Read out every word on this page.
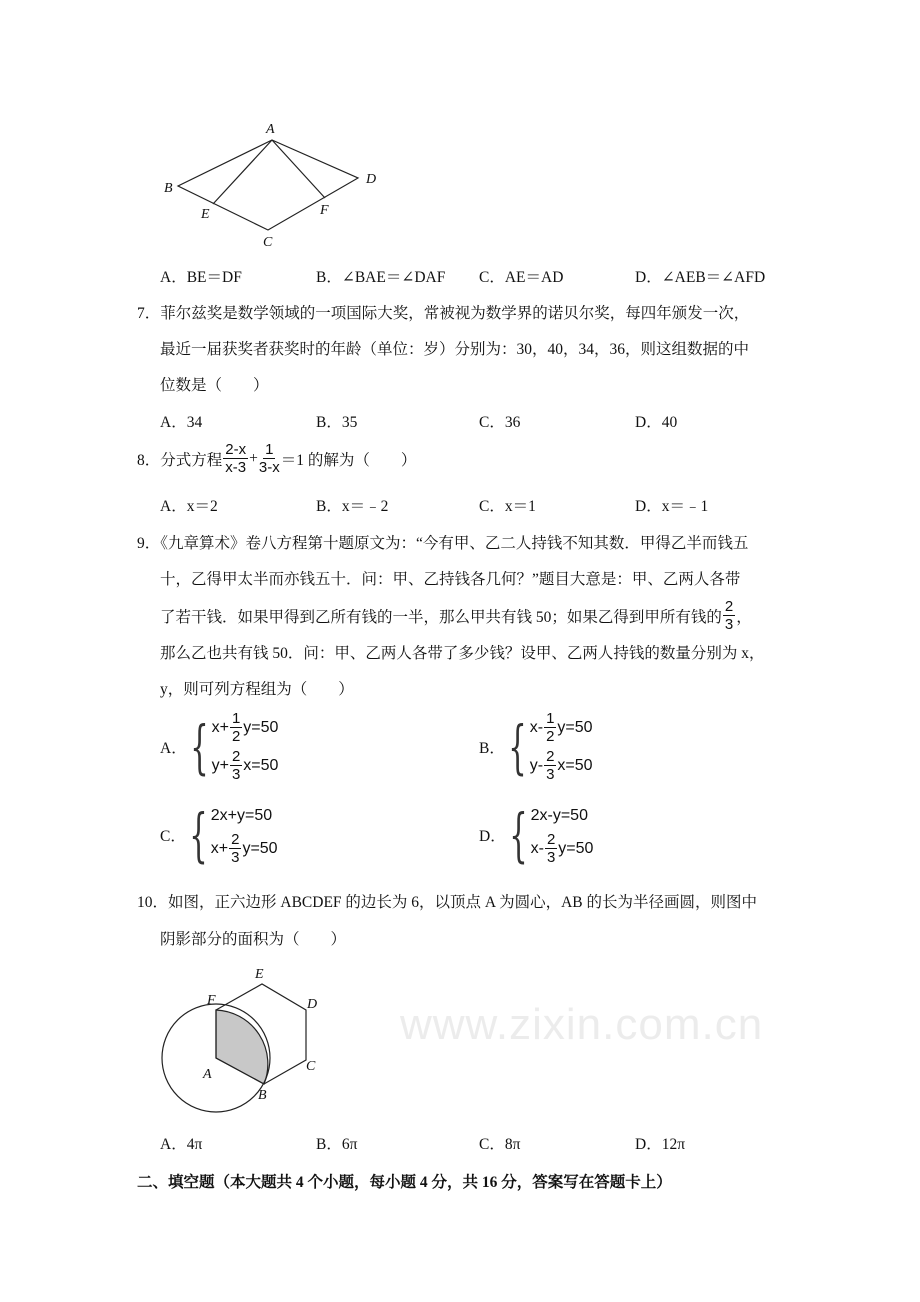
www.zixin.com.cn
A
B
C
D
E	F
A．BE＝DF	B．∠BAE＝∠DAF C．AE＝AD	D．∠AEB＝∠AFD
7．菲尔兹奖是数学领域的一项国际大奖，常被视为数学界的诺贝尔奖，每四年颁发一次，
最近一届获奖者获奖时的年龄（单位：岁）分别为：30，40，34，36，则这组数据的中
位数是（　　）
A．34	B．35	C．36	D．40
8．分式方程 $\frac{2-x}{x-3} + \frac{1}{3-x} =1$ 的解为（　　）
A．x＝2	B．x＝﹣2	C．x＝1	D．x＝﹣1
9．《九章算术》卷八方程第十题原文为：“今有甲、乙二人持钱不知其数．甲得乙半而钱五
十，乙得甲太半而亦钱五十．问：甲、乙持钱各几何？”题目大意是：甲、乙两人各带
了若干钱．如果甲得到乙所有钱的一半，那么甲共有钱 50；如果乙得到甲所有钱的 $\frac{2}{3}$ ，
那么乙也共有钱 50．问：甲、乙两人各带了多少钱？设甲、乙两人持钱的数量分别为 x，
y，则可列方程组为（　　）
A． { $x+ \frac{1}{2} y=50$
$y+ \frac{2}{3} x=50$
B． { $x- \frac{1}{2} y=50$
$y- \frac{2}{3} x=50$
C． { 2x+y=50
$x+ \frac{2}{3} y=50$
D． { 2x-y=50
$x- \frac{2}{3} y=50$
10．如图，正六边形 ABCDEF 的边长为 6，以顶点 A 为圆心，AB 的长为半径画圆，则图中
阴影部分的面积为（　　）
A
B
C
D
E
F
A．4π	B．6π	C．8π	D．12π
二、填空题（本大题共 4 个小题，每小题 4 分，共 16 分，答案写在答题卡上）
